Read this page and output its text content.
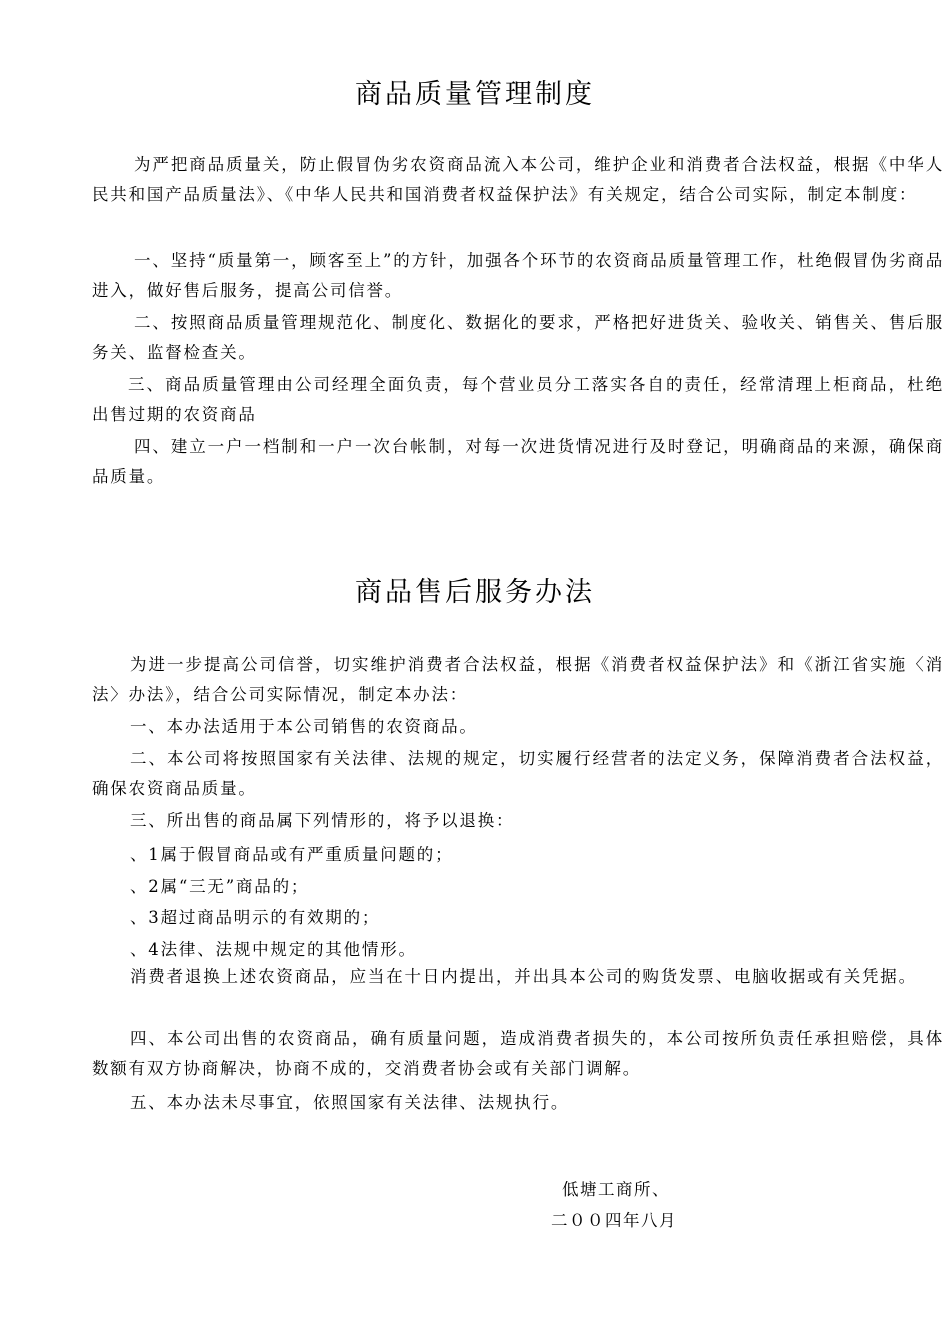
商品质量管理制度

为严把商品质量关，防止假冒伪劣农资商品流入本公司，维护企业和消费者合法权益，根据《中华人民共和国产品质量法》、《中华人民共和国消费者权益保护法》有关规定，结合公司实际，制定本制度：

一、坚持“质量第一，顾客至上”的方针，加强各个环节的农资商品质量管理工作，杜绝假冒伪劣商品进入，做好售后服务，提高公司信誉。

二、按照商品质量管理规范化、制度化、数据化的要求，严格把好进货关、验收关、销售关、售后服务关、监督检查关。

三、商品质量管理由公司经理全面负责，每个营业员分工落实各自的责任，经常清理上柜商品，杜绝出售过期的农资商品

四、建立一户一档制和一户一次台帐制，对每一次进货情况进行及时登记，明确商品的来源，确保商品质量。

商品售后服务办法

为进一步提高公司信誉，切实维护消费者合法权益，根据《消费者权益保护法》和《浙江省实施〈消法〉办法》，结合公司实际情况，制定本办法：

一、本办法适用于本公司销售的农资商品。

二、本公司将按照国家有关法律、法规的规定，切实履行经营者的法定义务，保障消费者合法权益，确保农资商品质量。

三、所出售的商品属下列情形的，将予以退换：

、1属于假冒商品或有严重质量问题的；

、2属“三无”商品的；

、3超过商品明示的有效期的；

、4法律、法规中规定的其他情形。

消费者退换上述农资商品，应当在十日内提出，并出具本公司的购货发票、电脑收据或有关凭据。

四、本公司出售的农资商品，确有质量问题，造成消费者损失的，本公司按所负责任承担赔偿，具体数额有双方协商解决，协商不成的，交消费者协会或有关部门调解。

五、本办法未尽事宜，依照国家有关法律、法规执行。

低塘工商所、

二００四年八月
